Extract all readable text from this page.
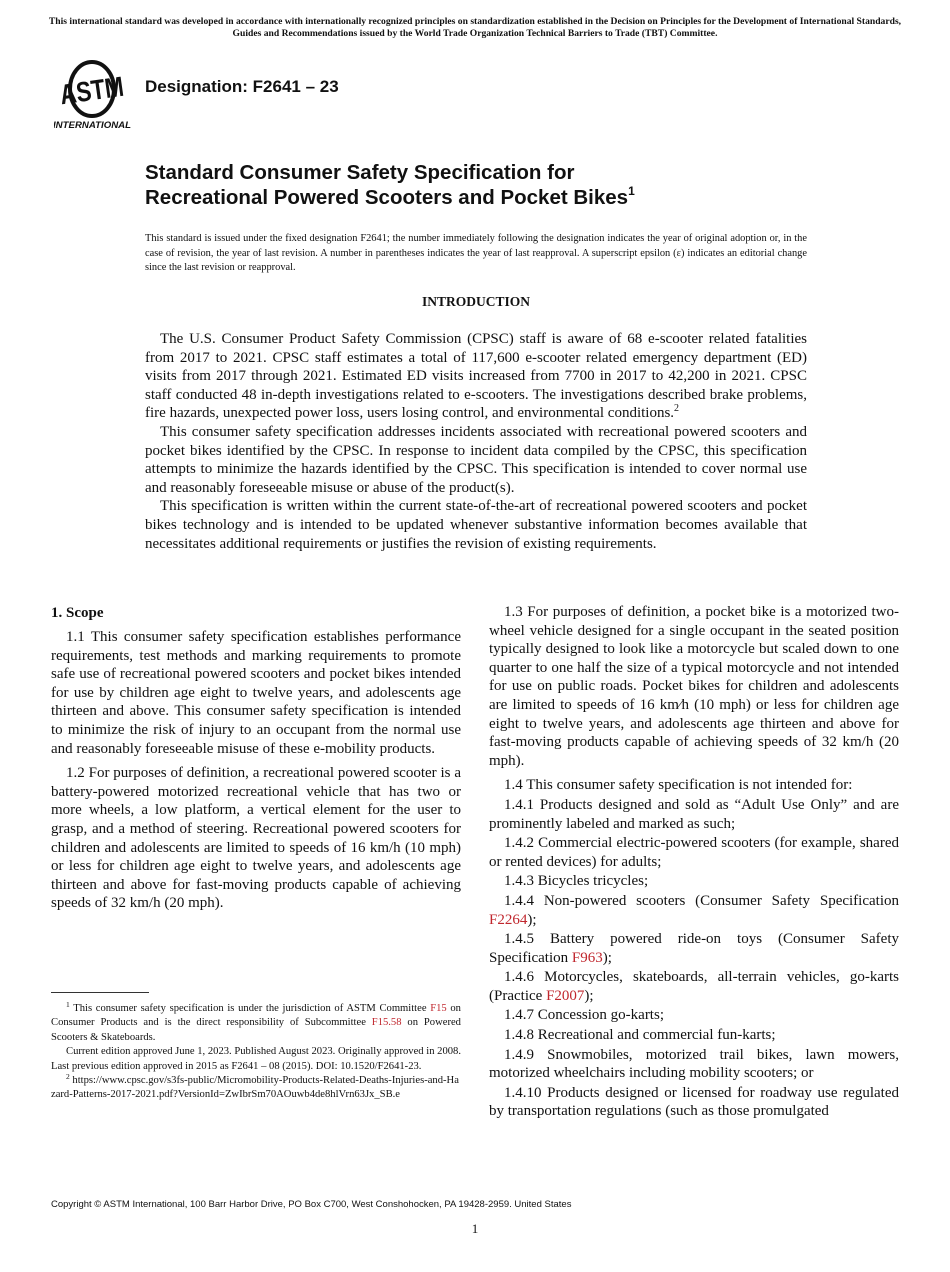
This international standard was developed in accordance with internationally recognized principles on standardization established in the Decision on Principles for the Development of International Standards, Guides and Recommendations issued by the World Trade Organization Technical Barriers to Trade (TBT) Committee.
ASTM
INTERNATIONAL
Designation: F2641 – 23
Standard Consumer Safety Specification for
Recreational Powered Scooters and Pocket Bikes$^1$
This standard is issued under the fixed designation F2641; the number immediately following the designation indicates the year of original adoption or, in the case of revision, the year of last revision. A number in parentheses indicates the year of last reapproval. A superscript epsilon (ε) indicates an editorial change since the last revision or reapproval.
INTRODUCTION

The U.S. Consumer Product Safety Commission (CPSC) staff is aware of 68 e-scooter related fatalities from 2017 to 2021. CPSC staff estimates a total of 117,600 e-scooter related emergency department (ED) visits from 2017 through 2021. Estimated ED visits increased from 7700 in 2017 to 42,200 in 2021. CPSC staff conducted 48 in-depth investigations related to e-scooters. The investigations described brake problems, fire hazards, unexpected power loss, users losing control, and environmental conditions.$^2$

This consumer safety specification addresses incidents associated with recreational powered scooters and pocket bikes identified by the CPSC. In response to incident data compiled by the CPSC, this specification attempts to minimize the hazards identified by the CPSC. This specification is intended to cover normal use and reasonably foreseeable misuse or abuse of the product(s).

This specification is written within the current state-of-the-art of recreational powered scooters and pocket bikes technology and is intended to be updated whenever substantive information becomes available that necessitates additional requirements or justifies the revision of existing requirements.

1. Scope

1.1 This consumer safety specification establishes performance requirements, test methods and marking requirements to promote safe use of recreational powered scooters and pocket bikes intended for use by children age eight to twelve years, and adolescents age thirteen and above. This consumer safety specification is intended to minimize the risk of injury to an occupant from the normal use and reasonably foreseeable misuse of these e-mobility products.

1.2 For purposes of definition, a recreational powered scooter is a battery-powered motorized recreational vehicle that has two or more wheels, a low platform, a vertical element for the user to grasp, and a method of steering. Recreational powered scooters for children and adolescents are limited to speeds of 16 km/h (10 mph) or less for children age eight to twelve years, and adolescents age thirteen and above for fast-moving products capable of achieving speeds of 32 km/h (20 mph).

1.3 For purposes of definition, a pocket bike is a motorized two-wheel vehicle designed for a single occupant in the seated position typically designed to look like a motorcycle but scaled down to one quarter to one half the size of a typical motorcycle and not intended for use on public roads. Pocket bikes for children and adolescents are limited to speeds of 16 km⁄h (10 mph) or less for children age eight to twelve years, and adolescents age thirteen and above for fast-moving products capable of achieving speeds of 32 km/h (20 mph).

1.4 This consumer safety specification is not intended for:

1.4.1 Products designed and sold as “Adult Use Only” and are prominently labeled and marked as such;

1.4.2 Commercial electric-powered scooters (for example, shared or rented devices) for adults;

1.4.3 Bicycles tricycles;

1.4.4 Non-powered scooters (Consumer Safety Specification F2264);

1.4.5 Battery powered ride-on toys (Consumer Safety Specification F963);

1.4.6 Motorcycles, skateboards, all-terrain vehicles, go-karts (Practice F2007);

1.4.7 Concession go-karts;

1.4.8 Recreational and commercial fun-karts;

1.4.9 Snowmobiles, motorized trail bikes, lawn mowers, motorized wheelchairs including mobility scooters; or

1.4.10 Products designed or licensed for roadway use regulated by transportation regulations (such as those promulgated

$^1$ This consumer safety specification is under the jurisdiction of ASTM Committee F15 on Consumer Products and is the direct responsibility of Subcommittee F15.58 on Powered Scooters & Skateboards.

Current edition approved June 1, 2023. Published August 2023. Originally approved in 2008. Last previous edition approved in 2015 as F2641 – 08 (2015). DOI: 10.1520/F2641-23.

$^2$ https://www.cpsc.gov/s3fs-public/Micromobility-Products-Related-Deaths-Injuries-and-Hazard-Patterns-2017-2021.pdf?VersionId=ZwIbrSm70AOuwb4de8hlVrn63Jx_SB.e

Copyright © ASTM International, 100 Barr Harbor Drive, PO Box C700, West Conshohocken, PA 19428-2959. United States
1
